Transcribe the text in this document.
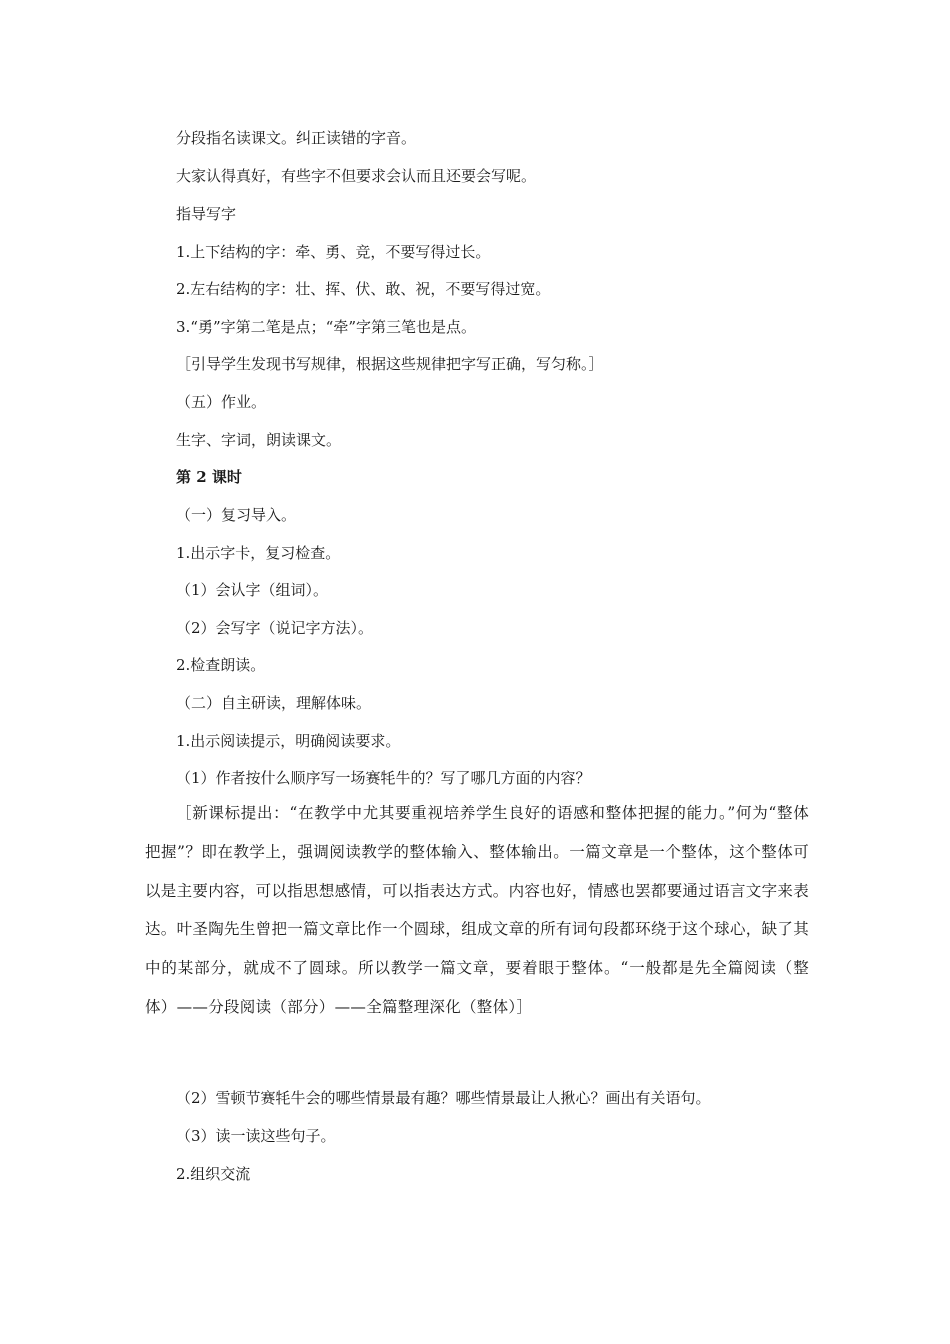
分段指名读课文。纠正读错的字音。
大家认得真好，有些字不但要求会认而且还要会写呢。
指导写字
1.上下结构的字：牵、勇、竞，不要写得过长。
2.左右结构的字：壮、挥、伏、敢、祝，不要写得过宽。
3.“勇”字第二笔是点；“牵”字第三笔也是点。
［引导学生发现书写规律，根据这些规律把字写正确，写匀称。］
（五）作业。
生字、字词，朗读课文。
第 2 课时
（一）复习导入。
1.出示字卡，复习检查。
（1）会认字（组词）。
（2）会写字（说记字方法）。
2.检查朗读。
（二）自主研读，理解体味。
1.出示阅读提示，明确阅读要求。
（1）作者按什么顺序写一场赛牦牛的？写了哪几方面的内容？
［新课标提出：“在教学中尤其要重视培养学生良好的语感和整体把握的能力。”何为“整体把握”？即在教学上，强调阅读教学的整体输入、整体输出。一篇文章是一个整体，这个整体可以是主要内容，可以指思想感情，可以指表达方式。内容也好，情感也罢都要通过语言文字来表达。叶圣陶先生曾把一篇文章比作一个圆球，组成文章的所有词句段都环绕于这个球心，缺了其中的某部分，就成不了圆球。所以教学一篇文章，要着眼于整体。“一般都是先全篇阅读（整体）——分段阅读（部分）——全篇整理深化（整体）］
（2）雪顿节赛牦牛会的哪些情景最有趣？哪些情景最让人揪心？画出有关语句。
（3）读一读这些句子。
2.组织交流
